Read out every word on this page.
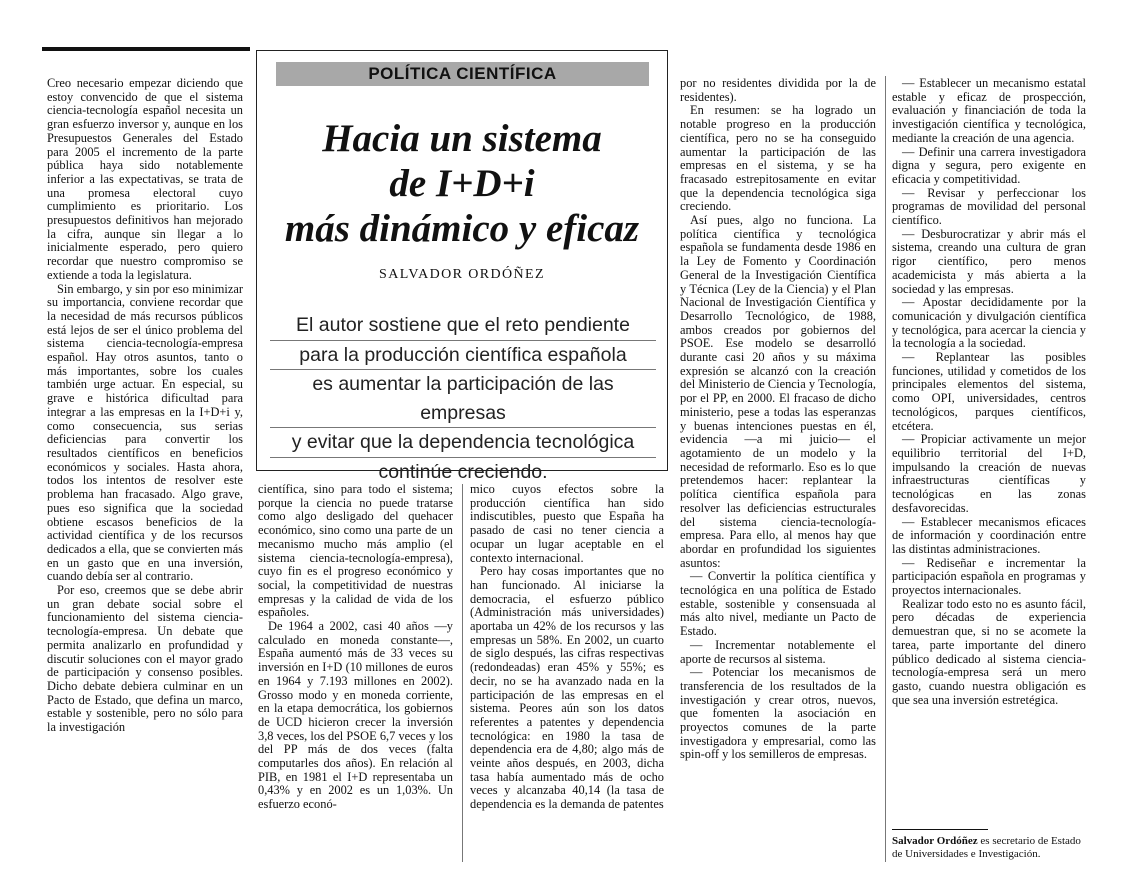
Creo necesario empezar diciendo que estoy convencido de que el sistema ciencia-tecnología español necesita un gran esfuerzo inversor y, aunque en los Presupuestos Generales del Estado para 2005 el incremento de la parte pública haya sido notablemente inferior a las expectativas, se trata de una promesa electoral cuyo cumplimiento es prioritario. Los presupuestos definitivos han mejorado la cifra, aunque sin llegar a lo inicialmente esperado, pero quiero recordar que nuestro compromiso se extiende a toda la legislatura.

Sin embargo, y sin por eso minimizar su importancia, conviene recordar que la necesidad de más recursos públicos está lejos de ser el único problema del sistema ciencia-tecnología-empresa español. Hay otros asuntos, tanto o más importantes, sobre los cuales también urge actuar. En especial, su grave e histórica dificultad para integrar a las empresas en la I+D+i y, como consecuencia, sus serias deficiencias para convertir los resultados científicos en beneficios económicos y sociales. Hasta ahora, todos los intentos de resolver este problema han fracasado. Algo grave, pues eso significa que la sociedad obtiene escasos beneficios de la actividad científica y de los recursos dedicados a ella, que se convierten más en un gasto que en una inversión, cuando debía ser al contrario.

Por eso, creemos que se debe abrir un gran debate social sobre el funcionamiento del sistema ciencia-tecnología-empresa. Un debate que permita analizarlo en profundidad y discutir soluciones con el mayor grado de participación y consenso posibles. Dicho debate debiera culminar en un Pacto de Estado, que defina un marco, estable y sostenible, pero no sólo para la investigación

POLÍTICA CIENTÍFICA
Hacia un sistema
de I+D+i
más dinámico y eficaz
SALVADOR ORDÓÑEZ
El autor sostiene que el reto pendiente
para la producción científica española
es aumentar la participación de las empresas
y evitar que la dependencia tecnológica
continúe creciendo.

científica, sino para todo el sistema; porque la ciencia no puede tratarse como algo desligado del quehacer económico, sino como una parte de un mecanismo mucho más amplio (el sistema ciencia-tecnología-empresa), cuyo fin es el progreso económico y social, la competitividad de nuestras empresas y la calidad de vida de los españoles.

De 1964 a 2002, casi 40 años —y calculado en moneda constante—, España aumentó más de 33 veces su inversión en I+D (10 millones de euros en 1964 y 7.193 millones en 2002). Grosso modo y en moneda corriente, en la etapa democrática, los gobiernos de UCD hicieron crecer la inversión 3,8 veces, los del PSOE 6,7 veces y los del PP más de dos veces (falta computarles dos años). En relación al PIB, en 1981 el I+D representaba un 0,43% y en 2002 es un 1,03%. Un esfuerzo econó-

mico cuyos efectos sobre la producción científica han sido indiscutibles, puesto que España ha pasado de casi no tener ciencia a ocupar un lugar aceptable en el contexto internacional.

Pero hay cosas importantes que no han funcionado. Al iniciarse la democracia, el esfuerzo público (Administración más universidades) aportaba un 42% de los recursos y las empresas un 58%. En 2002, un cuarto de siglo después, las cifras respectivas (redondeadas) eran 45% y 55%; es decir, no se ha avanzado nada en la participación de las empresas en el sistema. Peores aún son los datos referentes a patentes y dependencia tecnológica: en 1980 la tasa de dependencia era de 4,80; algo más de veinte años después, en 2003, dicha tasa había aumentado más de ocho veces y alcanzaba 40,14 (la tasa de dependencia es la demanda de patentes

por no residentes dividida por la de residentes).

En resumen: se ha logrado un notable progreso en la producción científica, pero no se ha conseguido aumentar la participación de las empresas en el sistema, y se ha fracasado estrepitosamente en evitar que la dependencia tecnológica siga creciendo.

Así pues, algo no funciona. La política científica y tecnológica española se fundamenta desde 1986 en la Ley de Fomento y Coordinación General de la Investigación Científica y Técnica (Ley de la Ciencia) y el Plan Nacional de Investigación Científica y Desarrollo Tecnológico, de 1988, ambos creados por gobiernos del PSOE. Ese modelo se desarrolló durante casi 20 años y su máxima expresión se alcanzó con la creación del Ministerio de Ciencia y Tecnología, por el PP, en 2000. El fracaso de dicho ministerio, pese a todas las esperanzas y buenas intenciones puestas en él, evidencia —a mi juicio— el agotamiento de un modelo y la necesidad de reformarlo. Eso es lo que pretendemos hacer: replantear la política científica española para resolver las deficiencias estructurales del sistema ciencia-tecnología-empresa. Para ello, al menos hay que abordar en profundidad los siguientes asuntos:

— Convertir la política científica y tecnológica en una política de Estado estable, sostenible y consensuada al más alto nivel, mediante un Pacto de Estado.

— Incrementar notablemente el aporte de recursos al sistema.

— Potenciar los mecanismos de transferencia de los resultados de la investigación y crear otros, nuevos, que fomenten la asociación en proyectos comunes de la parte investigadora y empresarial, como las spin-off y los semilleros de empresas.

— Establecer un mecanismo estatal estable y eficaz de prospección, evaluación y financiación de toda la investigación científica y tecnológica, mediante la creación de una agencia.

— Definir una carrera investigadora digna y segura, pero exigente en eficacia y competitividad.

— Revisar y perfeccionar los programas de movilidad del personal científico.

— Desburocratizar y abrir más el sistema, creando una cultura de gran rigor científico, pero menos academicista y más abierta a la sociedad y las empresas.

— Apostar decididamente por la comunicación y divulgación científica y tecnológica, para acercar la ciencia y la tecnología a la sociedad.

— Replantear las posibles funciones, utilidad y cometidos de los principales elementos del sistema, como OPI, universidades, centros tecnológicos, parques científicos, etcétera.

— Propiciar activamente un mejor equilibrio territorial del I+D, impulsando la creación de nuevas infraestructuras científicas y tecnológicas en las zonas desfavorecidas.

— Establecer mecanismos eficaces de información y coordinación entre las distintas administraciones.

— Rediseñar e incrementar la participación española en programas y proyectos internacionales.

Realizar todo esto no es asunto fácil, pero décadas de experiencia demuestran que, si no se acomete la tarea, parte importante del dinero público dedicado al sistema ciencia-tecnología-empresa será un mero gasto, cuando nuestra obligación es que sea una inversión estretégica.

Salvador Ordóñez es secretario de Estado de Universidades e Investigación.
